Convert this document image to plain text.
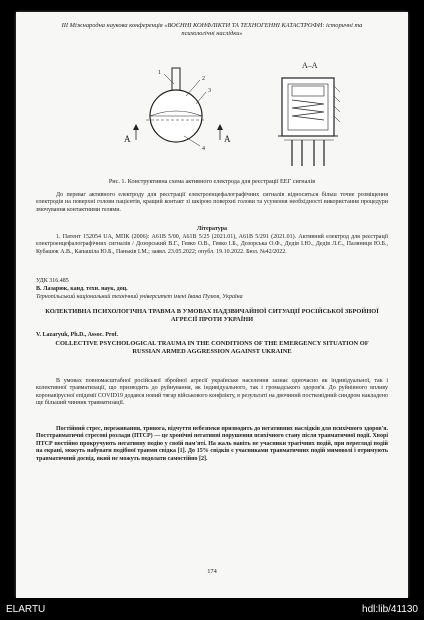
ІІІ Міжнародна наукова конференція «ВОЄННІ КОНФЛІКТИ ТА ТЕХНОГЕННІ КАТАСТРОФИ: історичні та психологічні наслідки»
A	A
1
2
3
4
A–A
Рис. 1. Конструктивна схема активного електрода для реєстрації ЕЕГ сигналів
До переваг активного електроду для реєстрації електроенцефалографічних сигналів відноситься більш точне розміщення електродів на поверхні голови пацієнтів, кращий контакт зі шкірою поверхні голови та усунення необхідності використання процедури змочування контактними гелями.
Література
1. Патент 152054 UA, МПК (2006): A61B 5/00, A61B 5/25 (2021.01), A61B 5/291 (2021.01). Активний електрод для реєстрації електроенцефалографічних сигналів / Дозорський В.Г., Гевко О.В., Гевко І.Б., Дозорська О.Ф., Дедів І.Ю., Дедів Л.Є., Паляниця Ю.Б., Кубашок А.В., Капашіла Ю.Б., Паньків І.М.; заявл. 23.05.2022; опубл. 19.10.2022. Бюл. №42/2022.
УДК 316.485
В. Лазарюк, канд. техн. наук, доц.
Тернопільський національний технічний університет імені Івана Пулюя, Україна
КОЛЕКТИВНА ПСИХОЛОГІЧНА ТРАВМА В УМОВАХ НАДЗВИЧАЙНОЇ СИТУАЦІЇ РОСІЙСЬКОЇ ЗБРОЙНОЇ АГРЕСІЇ ПРОТИ УКРАЇНИ
V. Lazaryuk, Ph.D., Assoc. Prof.
COLLECTIVE PSYCHOLOGICAL TRAUMA IN THE CONDITIONS OF THE EMERGENCY SITUATION OF RUSSIAN ARMED AGGRESSION AGAINST UKRAINE
В умовах повномасштабної російської збройної агресії українське населення зазнає одночасно як індивідуальної, так і колективної травматизації, що призводить до руйнування, як індивідуального, так і громадського здоров'я. До руйнівного впливу коронавірусної епідемії COVID19 додався новий тягар військового конфлікту, в результаті на двочиннй постковідний синдром накладено ще більший чинник травматизації.
Постійний стрес, переживання, тривога, відчуття небезпеки призводить до негативних наслідків для психічного здоров'я. Посттравматичні стресові розлади (ПТСР) — це хронічні негативні порушення психічного стану після травматичної події. Хворі ПТСР постійно прокручують негативну подію у своїй пам'яті. На жаль навіть не учасники трагічних подій, при перегляді подій на екрані, можуть набувати подібної травми свідка [1]. До 15% свідків є учасниками травматичних подій мимоволі і отримують травматичний досвід, який не можуть подолати самостійно [2].
174
ELARTU	hdl:lib/41130
